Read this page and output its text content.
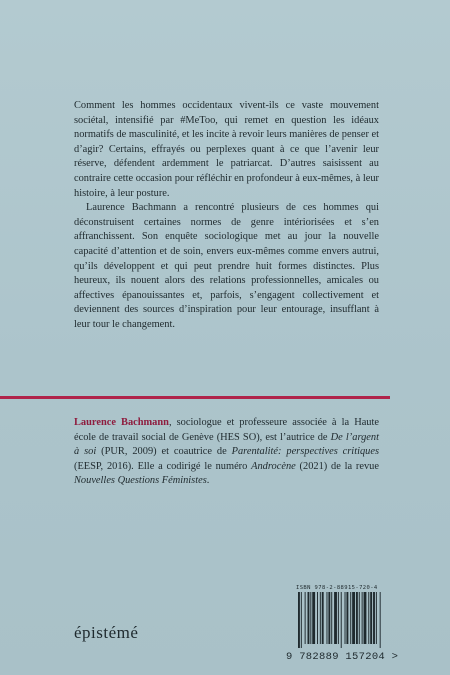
Comment les hommes occidentaux vivent-ils ce vaste mouvement sociétal, intensifié par #MeToo, qui remet en question les idéaux normatifs de masculinité, et les incite à revoir leurs manières de penser et d’agir? Certains, effrayés ou perplexes quant à ce que l’avenir leur réserve, défendent ardemment le patriarcat. D’autres saisissent au contraire cette occasion pour réfléchir en profondeur à eux-mêmes, à leur histoire, à leur posture.

Laurence Bachmann a rencontré plusieurs de ces hommes qui déconstruisent certaines normes de genre intériorisées et s’en affranchissent. Son enquête sociologique met au jour la nouvelle capacité d’attention et de soin, envers eux-mêmes comme envers autrui, qu’ils développent et qui peut prendre huit formes distinctes. Plus heureux, ils nouent alors des relations professionnelles, amicales ou affectives épanouissantes et, parfois, s’engagent collectivement et deviennent des sources d’inspiration pour leur entourage, insufflant à leur tour le changement.

Laurence Bachmann, sociologue et professeure associée à la Haute école de travail social de Genève (HES SO), est l’autrice de De l’argent à soi (PUR, 2009) et coautrice de Parentalité: perspectives critiques (EESP, 2016). Elle a codirigé le numéro Androcène (2021) de la revue Nouvelles Questions Féministes.

ISBN 978-2-88915-720-4
9 782889 157204 >
épistémé
